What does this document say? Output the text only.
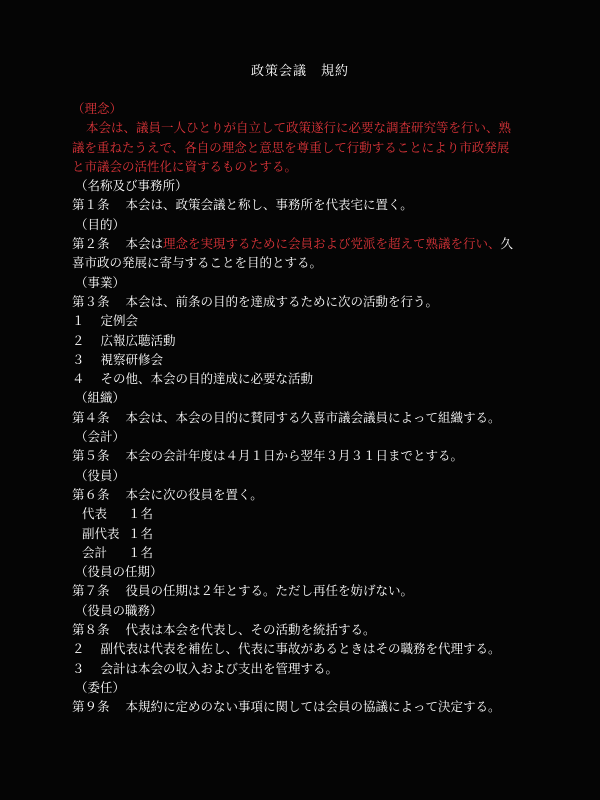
政策会議　規約
（理念）
本会は、議員一人ひとりが自立して政策遂行に必要な調査研究等を行い、熟
議を重ねたうえで、各自の理念と意思を尊重して行動することにより市政発展
と市議会の活性化に資するものとする。
（名称及び事務所）
第１条 本会は、政策会議と称し、事務所を代表宅に置く。
（目的）
第２条 本会は理念を実現するために会員および党派を超えて熟議を行い、久
喜市政の発展に寄与することを目的とする。
（事業）
第３条 本会は、前条の目的を達成するために次の活動を行う。
１ 定例会
２ 広報広聴活動
３ 視察研修会
４ その他、本会の目的達成に必要な活動
（組織）
第４条 本会は、本会の目的に賛同する久喜市議会議員によって組織する。
（会計）
第５条 本会の会計年度は４月１日から翌年３月３１日までとする。
（役員）
第６条 本会に次の役員を置く。
代表 １名
副代表 １名
会計 １名
（役員の任期）
第７条 役員の任期は２年とする。ただし再任を妨げない。
（役員の職務）
第８条 代表は本会を代表し、その活動を統括する。
２ 副代表は代表を補佐し、代表に事故があるときはその職務を代理する。
３ 会計は本会の収入および支出を管理する。
（委任）
第９条 本規約に定めのない事項に関しては会員の協議によって決定する。
